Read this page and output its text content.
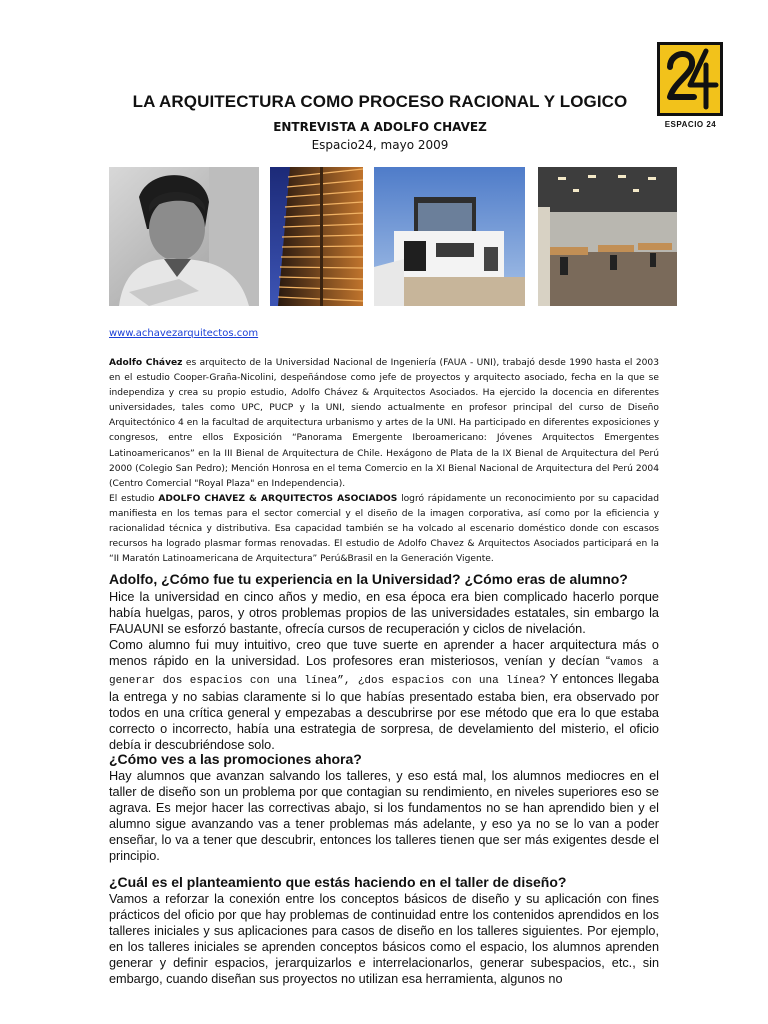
ESPACIO 24
LA ARQUITECTURA COMO PROCESO RACIONAL Y LOGICO
ENTREVISTA A ADOLFO CHAVEZ
Espacio24, mayo 2009
www.achavezarquitectos.com

Adolfo Chávez es arquitecto de la Universidad Nacional de Ingeniería (FAUA - UNI), trabajó desde 1990 hasta el 2003 en el estudio Cooper-Graña-Nicolini, despeñándose como jefe de proyectos y arquitecto asociado, fecha en la que se independiza y crea su propio estudio, Adolfo Chávez & Arquitectos Asociados. Ha ejercido la docencia en diferentes universidades, tales como UPC, PUCP y la UNI, siendo actualmente en profesor principal del curso de Diseño Arquitectónico 4 en la facultad de arquitectura urbanismo y artes de la UNI. Ha participado en diferentes exposiciones y congresos, entre ellos Exposición “Panorama Emergente Iberoamericano: Jóvenes Arquitectos Emergentes Latinoamericanos” en la III Bienal de Arquitectura de Chile. Hexágono de Plata de la IX Bienal de Arquitectura del Perú 2000 (Colegio San Pedro); Mención Honrosa en el tema Comercio en la XI Bienal Nacional de Arquitectura del Perú 2004 (Centro Comercial "Royal Plaza" en Independencia).

El estudio ADOLFO CHAVEZ & ARQUITECTOS ASOCIADOS logró rápidamente un reconocimiento por su capacidad manifiesta en los temas para el sector comercial y el diseño de la imagen corporativa, así como por la eficiencia y racionalidad técnica y distributiva. Esa capacidad también se ha volcado al escenario doméstico donde con escasos recursos ha logrado plasmar formas renovadas. El estudio de Adolfo Chavez & Arquitectos Asociados participará en la “II Maratón Latinoamericana de Arquitectura” Perú&Brasil en la Generación Vigente.

Adolfo, ¿Cómo fue tu experiencia en la Universidad? ¿Cómo eras de alumno?

Hice la universidad en cinco años y medio, en esa época era bien complicado hacerlo porque había huelgas, paros, y otros problemas propios de las universidades estatales, sin embargo la FAUAUNI se esforzó bastante, ofrecía cursos de recuperación y ciclos de nivelación.

Como alumno fui muy intuitivo, creo que tuve suerte en aprender a hacer arquitectura más o menos rápido en la universidad. Los profesores eran misteriosos, venían y decían “vamos a generar dos espacios con una línea”, ¿dos espacios con una línea? Y entonces llegaba la entrega y no sabias claramente si lo que habías presentado estaba bien, era observado por todos en una crítica general y empezabas a descubrirse por ese método que era lo que estaba correcto o incorrecto, había una estrategia de sorpresa, de develamiento del misterio, el oficio debía ir descubriéndose solo.

¿Cómo ves a las promociones ahora?
Hay alumnos que avanzan salvando los talleres, y eso está mal, los alumnos mediocres en el taller de diseño son un problema por que contagian su rendimiento, en niveles superiores eso se agrava. Es mejor hacer las correctivas abajo, si los fundamentos no se han aprendido bien y el alumno sigue avanzando vas a tener problemas más adelante, y eso ya no se lo van a poder enseñar, lo va a tener que descubrir, entonces los talleres tienen que ser más exigentes desde el principio.
¿Cuál es el planteamiento que estás haciendo en el taller de diseño?
Vamos a reforzar la conexión entre los conceptos básicos de diseño y su aplicación con fines prácticos del oficio por que hay problemas de continuidad entre los contenidos aprendidos en los talleres iniciales y sus aplicaciones para casos de diseño en los talleres siguientes. Por ejemplo, en los talleres iniciales se aprenden conceptos básicos como el espacio, los alumnos aprenden generar y definir espacios, jerarquizarlos e interrelacionarlos, generar subespacios, etc., sin embargo, cuando diseñan sus proyectos no utilizan esa herramienta, algunos no
